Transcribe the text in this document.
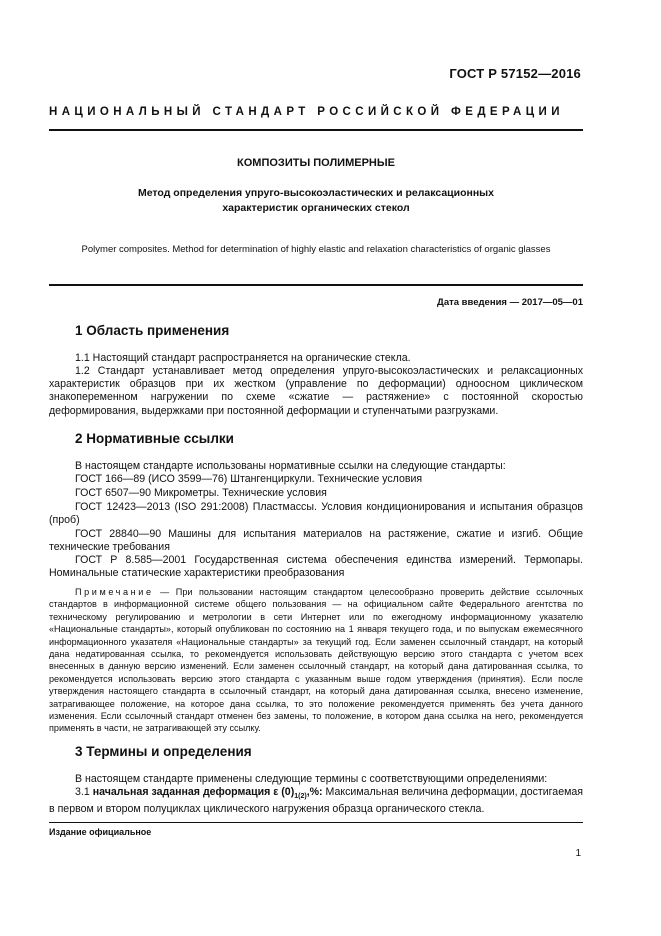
ГОСТ Р 57152—2016
НАЦИОНАЛЬНЫЙ СТАНДАРТ РОССИЙСКОЙ ФЕДЕРАЦИИ
КОМПОЗИТЫ ПОЛИМЕРНЫЕ
Метод определения упруго-высокоэластических и релаксационных
характеристик органических стекол
Polymer composites. Method for determination of highly elastic and relaxation characteristics of organic glasses
Дата введения — 2017—05—01
1 Область применения
1.1 Настоящий стандарт распространяется на органические стекла.
1.2 Стандарт устанавливает метод определения упруго-высокоэластических и релаксационных характеристик образцов при их жестком (управление по деформации) одноосном циклическом знакопеременном нагружении по схеме «сжатие — растяжение» с постоянной скоростью деформирования, выдержками при постоянной деформации и ступенчатыми разгрузками.
2 Нормативные ссылки
В настоящем стандарте использованы нормативные ссылки на следующие стандарты:
ГОСТ 166—89 (ИСО 3599—76) Штангенциркули. Технические условия
ГОСТ 6507—90 Микрометры. Технические условия
ГОСТ 12423—2013 (ISO 291:2008) Пластмассы. Условия кондиционирования и испытания образцов (проб)
ГОСТ 28840—90 Машины для испытания материалов на растяжение, сжатие и изгиб. Общие технические требования
ГОСТ Р 8.585—2001 Государственная система обеспечения единства измерений. Термопары. Номинальные статические характеристики преобразования
Примечание — При пользовании настоящим стандартом целесообразно проверить действие ссылочных стандартов в информационной системе общего пользования — на официальном сайте Федерального агентства по техническому регулированию и метрологии в сети Интернет или по ежегодному информационному указателю «Национальные стандарты», который опубликован по состоянию на 1 января текущего года, и по выпускам ежемесячного информационного указателя «Национальные стандарты» за текущий год. Если заменен ссылочный стандарт, на который дана недатированная ссылка, то рекомендуется использовать действующую версию этого стандарта с учетом всех внесенных в данную версию изменений. Если заменен ссылочный стандарт, на который дана датированная ссылка, то рекомендуется использовать версию этого стандарта с указанным выше годом утверждения (принятия). Если после утверждения настоящего стандарта в ссылочный стандарт, на который дана датированная ссылка, внесено изменение, затрагивающее положение, на которое дана ссылка, то это положение рекомендуется применять без учета данного изменения. Если ссылочный стандарт отменен без замены, то положение, в котором дана ссылка на него, рекомендуется применять в части, не затрагивающей эту ссылку.
3 Термины и определения
В настоящем стандарте применены следующие термины с соответствующими определениями:
3.1 начальная заданная деформация ε $(0)_{1(2)},\%$: Максимальная величина деформации, достигаемая в первом и втором полуциклах циклического нагружения образца органического стекла.
Издание официальное
1
